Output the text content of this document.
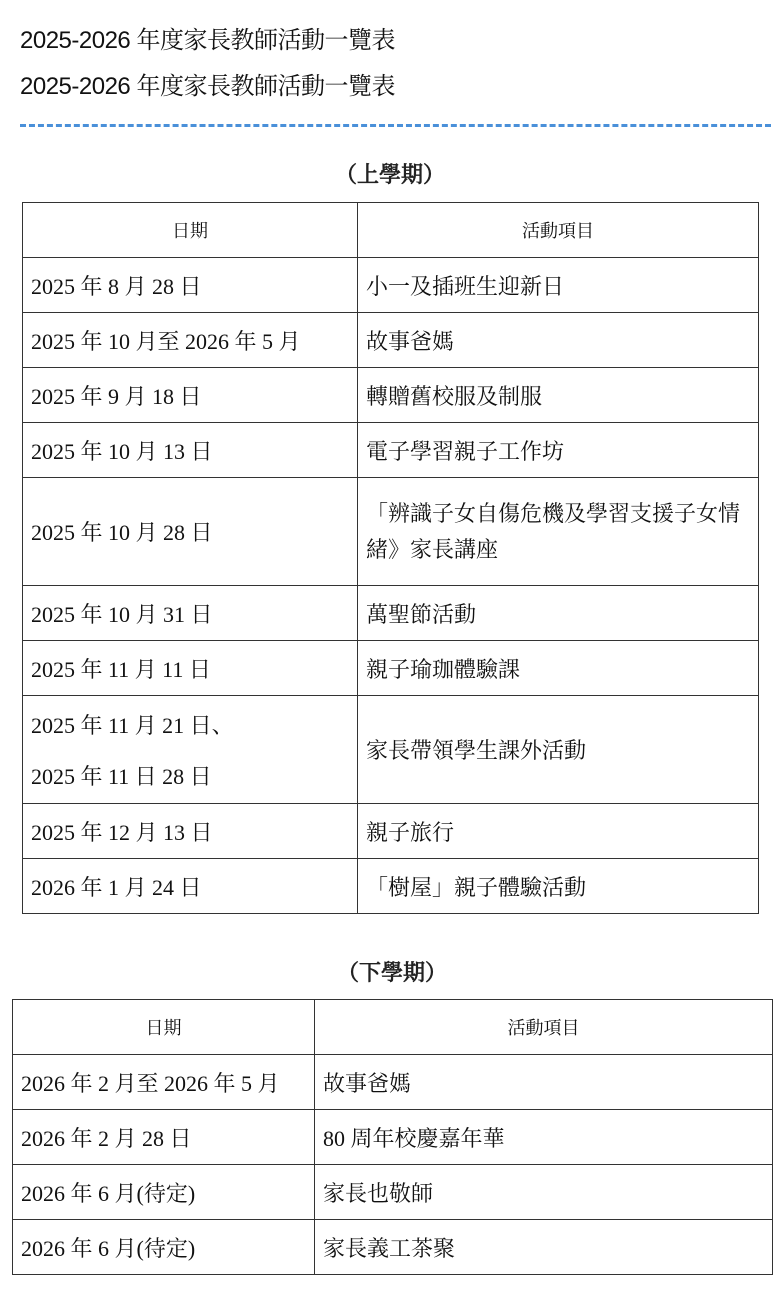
2025-2026 年度家長教師活動一覽表
2025-2026 年度家長教師活動一覽表
（上學期）
日期	活動項目
2025 年 8 月 28 日	小一及插班生迎新日
2025 年 10 月至 2026 年 5 月	故事爸媽
2025 年 9 月 18 日	轉贈舊校服及制服
2025 年 10 月 13 日	電子學習親子工作坊
2025 年 10 月 28 日	「辨識子女自傷危機及學習支援子女情緒》家長講座
2025 年 10 月 31 日	萬聖節活動
2025 年 11 月 11 日	親子瑜珈體驗課
2025 年 11 月 21 日、
2025 年 11 日 28 日	家長帶領學生課外活動
2025 年 12 月 13 日	親子旅行
2026 年 1 月 24 日	「樹屋」親子體驗活動
（下學期）
日期	活動項目
2026 年 2 月至 2026 年 5 月	故事爸媽
2026 年 2 月 28 日	80 周年校慶嘉年華
2026 年 6 月(待定)	家長也敬師
2026 年 6 月(待定)	家長義工茶聚
